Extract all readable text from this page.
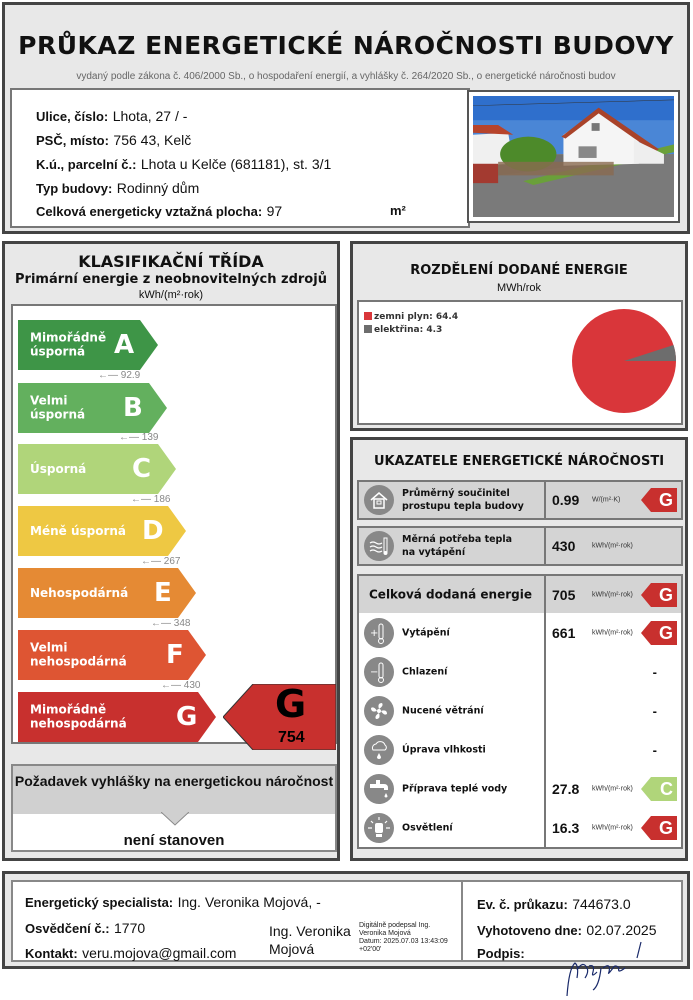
PRŮKAZ ENERGETICKÉ NÁROČNOSTI BUDOVY
vydaný podle zákona č. 406/2000 Sb., o hospodaření energií, a vyhlášky č. 264/2020 Sb., o energetické náročnosti budov
Ulice, číslo: Lhota, 27 / -
PSČ, místo: 756 43, Kelč
K.ú., parcelní č.: Lhota u Kelče (681181), st. 3/1
Typ budovy: Rodinný dům
Celková energeticky vztažná plocha: 97	m²
KLASIFIKAČNÍ TŘÍDA
Primární energie z neobnovitelných zdrojů
kWh/(m²·rok)
Mimořádně
úsporná	A
←— 92.9
Velmi
úsporná B
←— 139
Úsporná C
←— 186
Méně úsporná D
←— 267
Nehospodárná E
←— 348
Velmi
nehospodárná F
←— 430
Mimořádně
nehospodárná G G
754
Požadavek vyhlášky na energetickou náročnost
není stanoven
ROZDĚLENÍ DODANÉ ENERGIE
MWh/rok
zemni plyn: 64.4
elektřina: 4.3
UKAZATELE ENERGETICKÉ NÁROČNOSTI
Průměrný součinitel
prostupu tepla budovy 0.99 W/(m²·K) G
Měrná potřeba tepla
na vytápění	430 kWh/(m²·rok)
Celková dodaná energie 705 kWh/(m²·rok) G
+ Vytápění	661 kWh/(m²·rok) G
− Chlazení	-
Nucené větrání	-
Úprava vlhkosti	-
Příprava teplé vody	27.8 kWh/(m²·rok) C
Osvětlení	16.3 kWh/(m²·rok) G
Energetický specialista: Ing. Veronika Mojová, -
Osvědčení č.: 1770
Kontakt: veru.mojova@gmail.com
Ing. Veronika
Mojová
Digitálně podepsal Ing.
Veronika Mojová
Datum: 2025.07.03 13:43:09
+02'00'
Ev. č. průkazu: 744673.0
Vyhotoveno dne: 02.07.2025
Podpis:
